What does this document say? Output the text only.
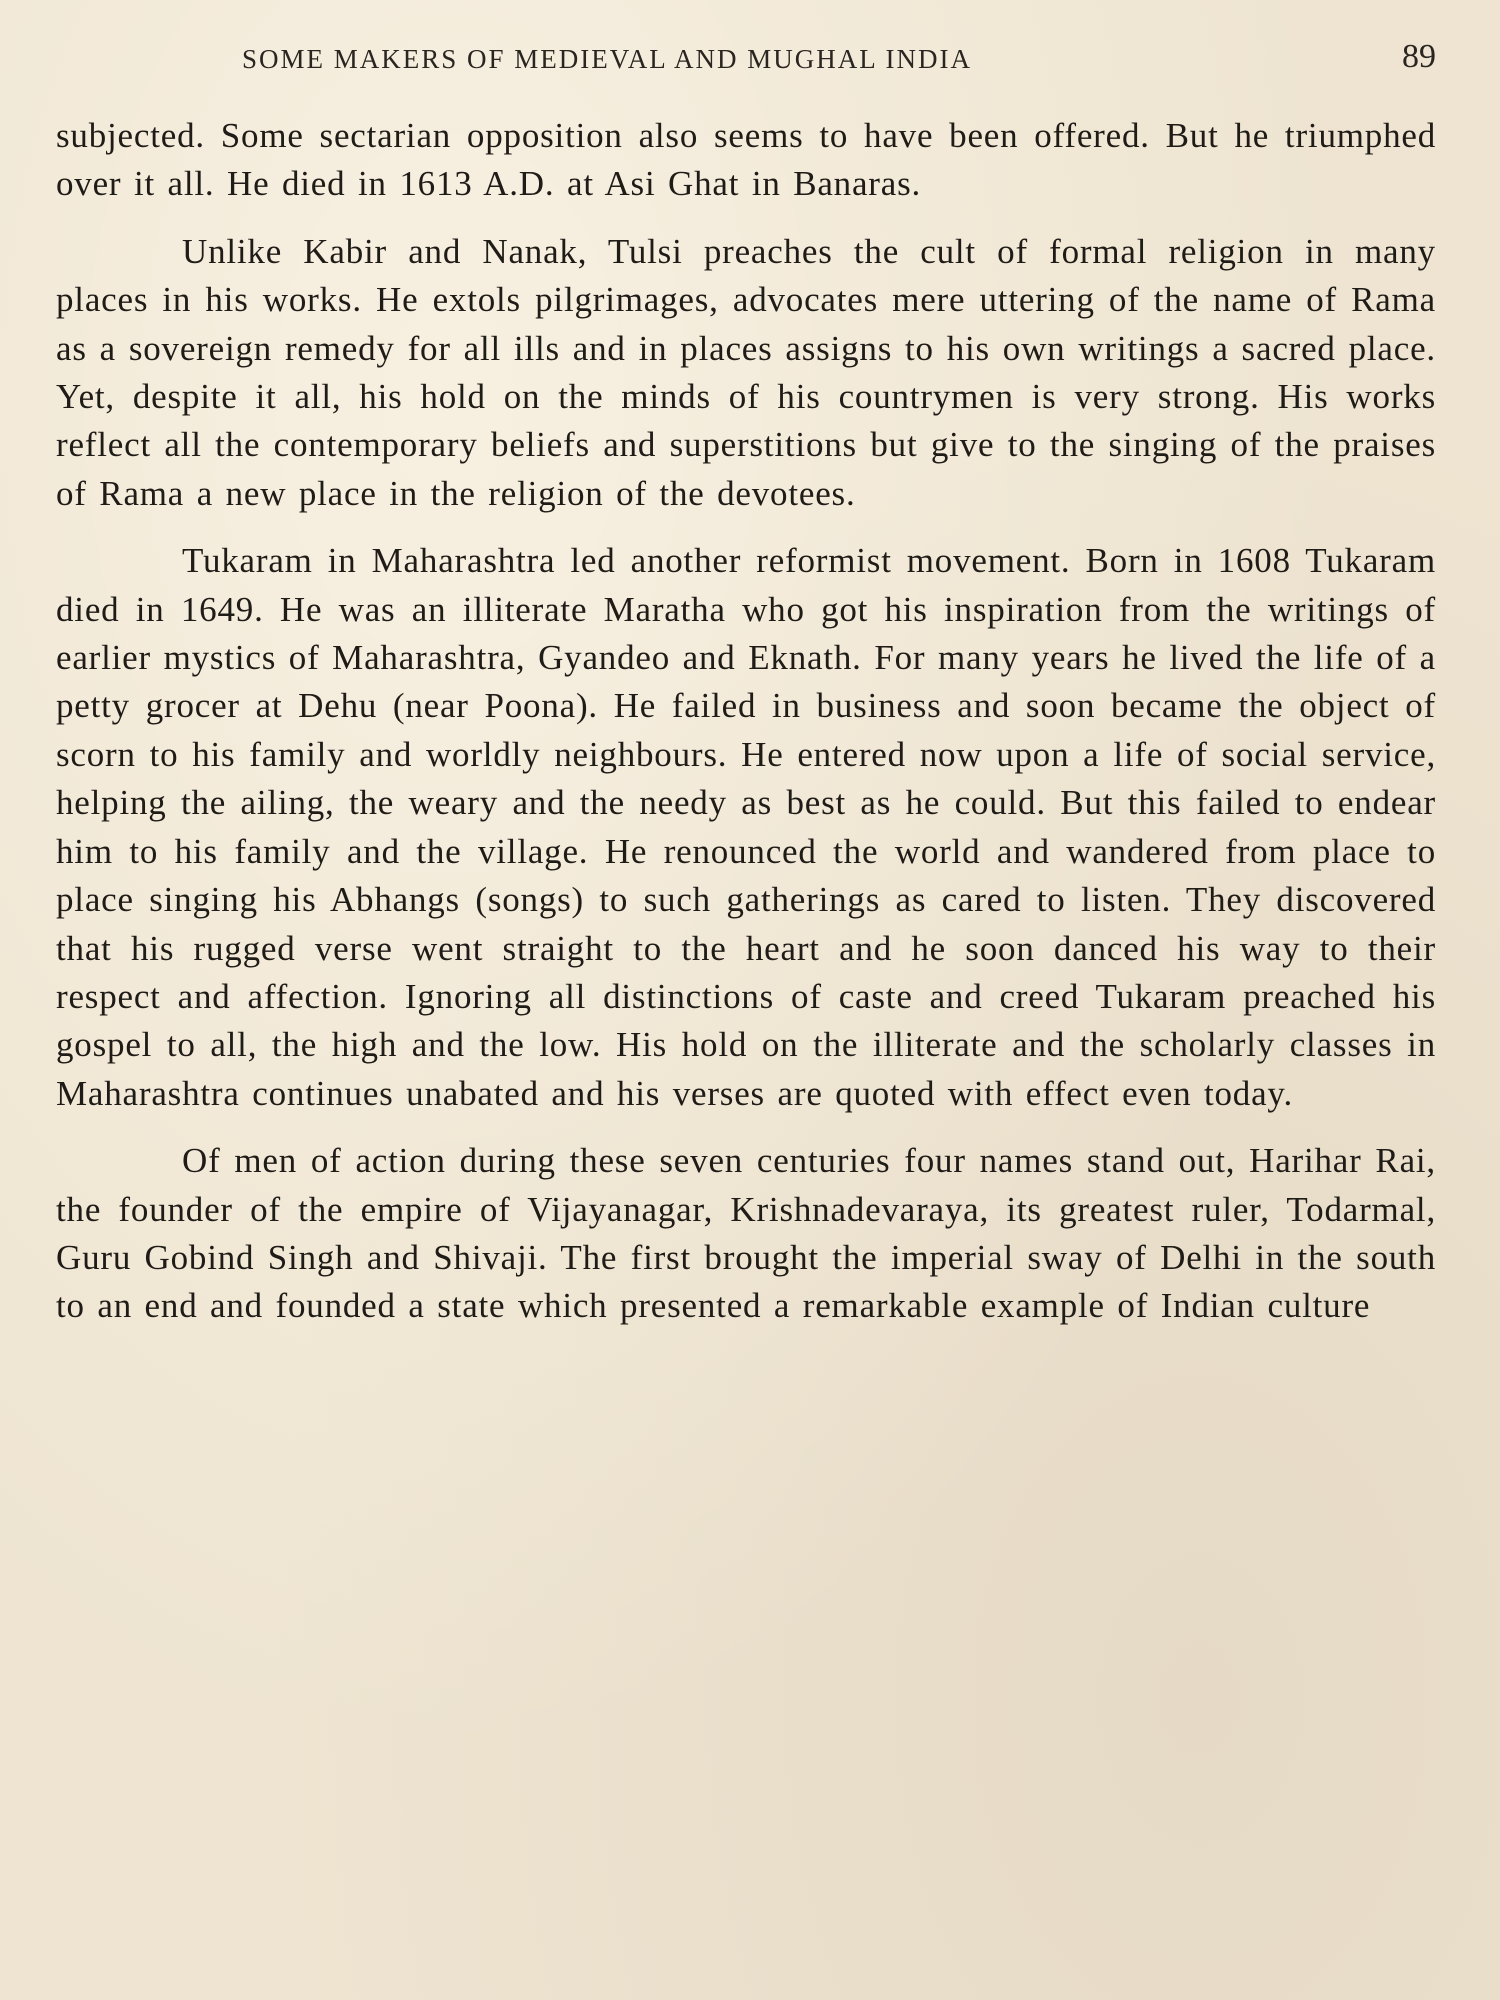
SOME MAKERS OF MEDIEVAL AND MUGHAL INDIA	89

subjected. Some sectarian opposition also seems to have been offered. But he triumphed over it all. He died in 1613 A.D. at Asi Ghat in Banaras.

Unlike Kabir and Nanak, Tulsi preaches the cult of formal religion in many places in his works. He extols pilgrimages, advocates mere uttering of the name of Rama as a sovereign remedy for all ills and in places assigns to his own writings a sacred place. Yet, despite it all, his hold on the minds of his countrymen is very strong. His works reflect all the contemporary beliefs and superstitions but give to the singing of the praises of Rama a new place in the religion of the devotees.

Tukaram in Maharashtra led another reformist movement. Born in 1608 Tukaram died in 1649. He was an illiterate Maratha who got his inspiration from the writings of earlier mystics of Maharashtra, Gyandeo and Eknath. For many years he lived the life of a petty grocer at Dehu (near Poona). He failed in business and soon became the object of scorn to his family and worldly neighbours. He entered now upon a life of social service, helping the ailing, the weary and the needy as best as he could. But this failed to endear him to his family and the village. He renounced the world and wandered from place to place singing his Abhangs (songs) to such gatherings as cared to listen. They discovered that his rugged verse went straight to the heart and he soon danced his way to their respect and affection. Ignoring all distinctions of caste and creed Tukaram preached his gospel to all, the high and the low. His hold on the illiterate and the scholarly classes in Maharashtra continues unabated and his verses are quoted with effect even today.

Of men of action during these seven centuries four names stand out, Harihar Rai, the founder of the empire of Vijayanagar, Krishnadevaraya, its greatest ruler, Todarmal, Guru Gobind Singh and Shivaji. The first brought the imperial sway of Delhi in the south to an end and founded a state which presented a remarkable example of Indian culture
